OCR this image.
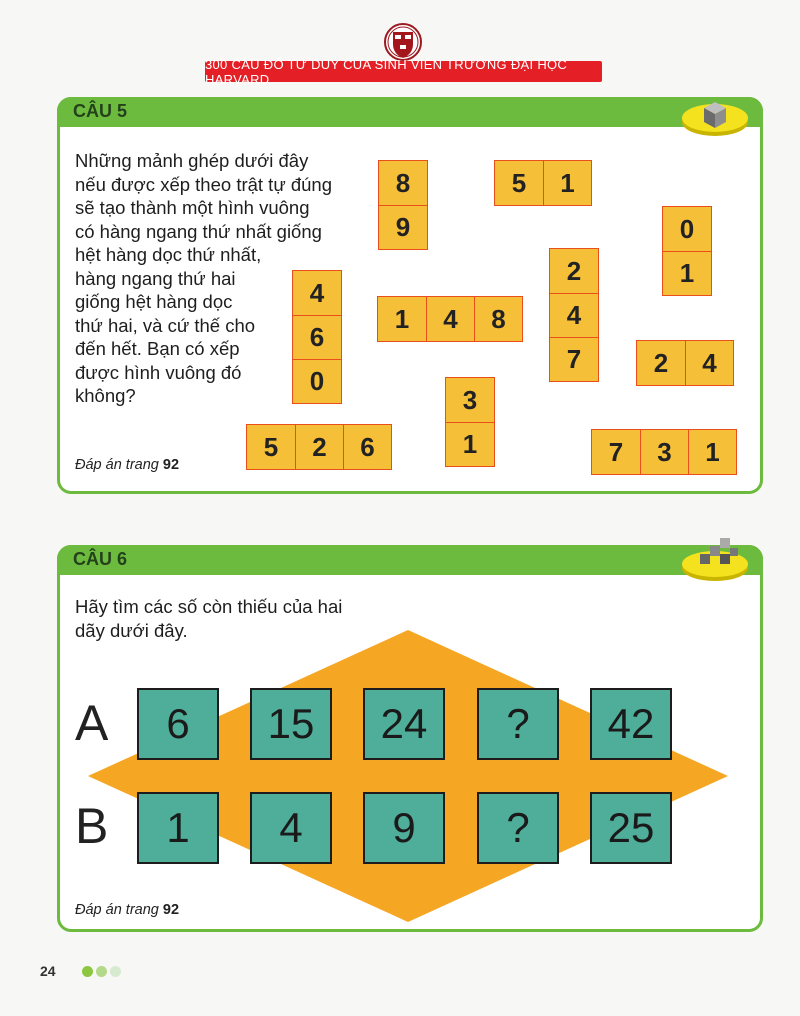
300 CÂU ĐỐ TƯ DUY CỦA SINH VIÊN TRƯỜNG ĐẠI HỌC HARVARD
CÂU 5
Những mảnh ghép dưới đây
nếu được xếp theo trật tự đúng
sẽ tạo thành một hình vuông
có hàng ngang thứ nhất giống
hệt hàng dọc thứ nhất,
hàng ngang thứ hai
giống hệt hàng dọc
thứ hai, và cứ thế cho
đến hết. Bạn có xếp
được hình vuông đó
không?
Đáp án trang 92
8
9
5	1
0
1
4
6
0
1	4	8
2
4
7	2	4
3
1
5	2	6	7	3	1
CÂU 6
Hãy tìm các số còn thiếu của hai
dãy dưới đây.
A
B
6	15	24	?	42
1	4	9	?	25
Đáp án trang 92
24
